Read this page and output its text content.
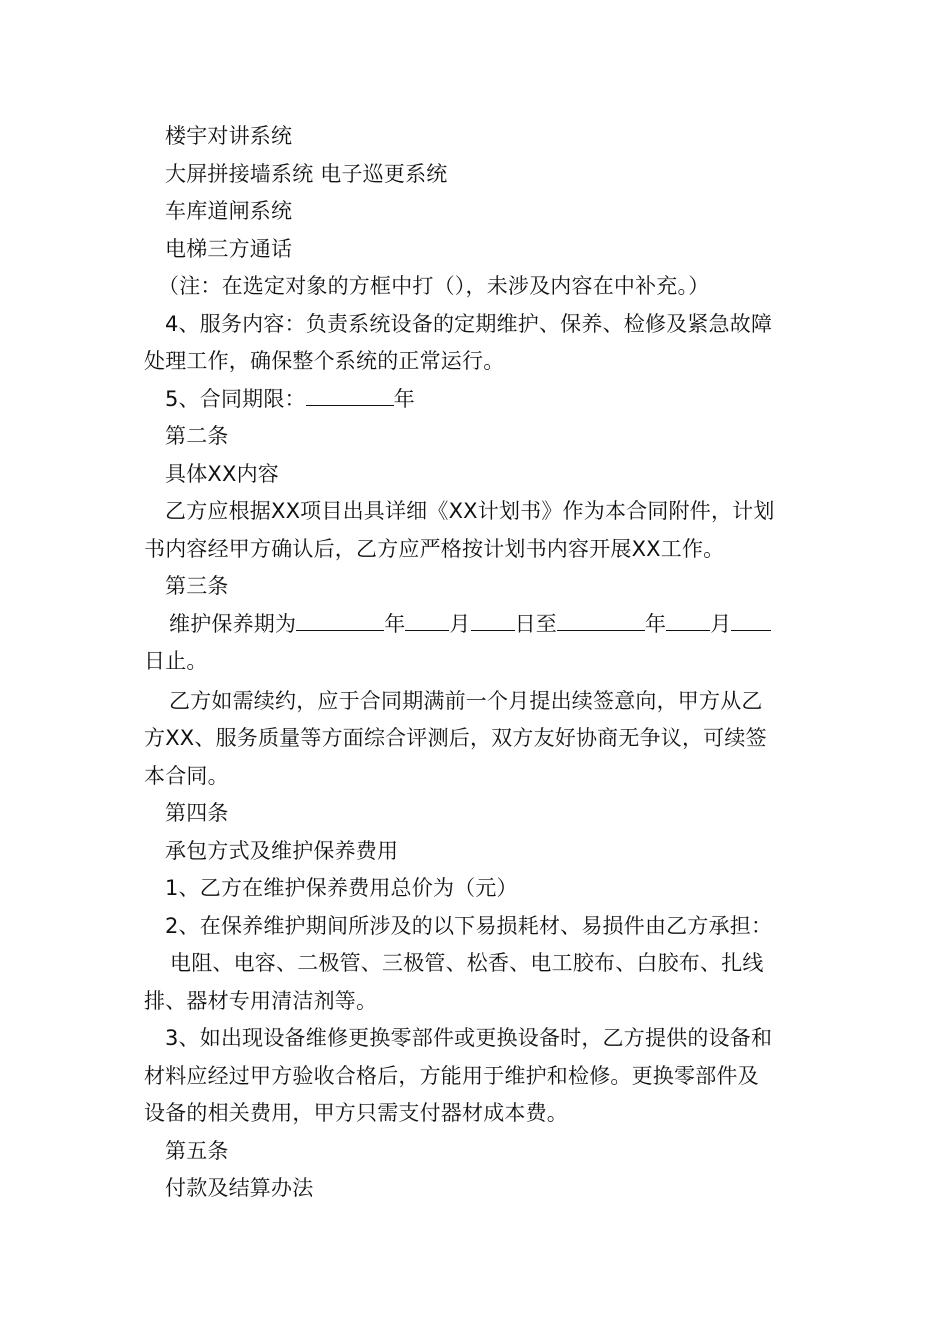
楼宇对讲系统
大屏拼接墙系统 电子巡更系统
车库道闸系统
电梯三方通话
（注：在选定对象的方框中打（），未涉及内容在中补充。）
4、服务内容：负责系统设备的定期维护、保养、检修及紧急故障
处理工作，确保整个系统的正常运行。
5、合同期限：	年
第二条
具体XX内容
乙方应根据XX项目出具详细《XX计划书》作为本合同附件，计划
书内容经甲方确认后，乙方应严格按计划书内容开展XX工作。
第三条
维护保养期为	年 月 日至	年 月
日止。
乙方如需续约，应于合同期满前一个月提出续签意向，甲方从乙
方XX、服务质量等方面综合评测后，双方友好协商无争议，可续签
本合同。
第四条
承包方式及维护保养费用
1、乙方在维护保养费用总价为（元）
2、在保养维护期间所涉及的以下易损耗材、易损件由乙方承担：
电阻、电容、二极管、三极管、松香、电工胶布、白胶布、扎线
排、器材专用清洁剂等。
3、如出现设备维修更换零部件或更换设备时，乙方提供的设备和
材料应经过甲方验收合格后，方能用于维护和检修。更换零部件及
设备的相关费用，甲方只需支付器材成本费。
第五条
付款及结算办法
